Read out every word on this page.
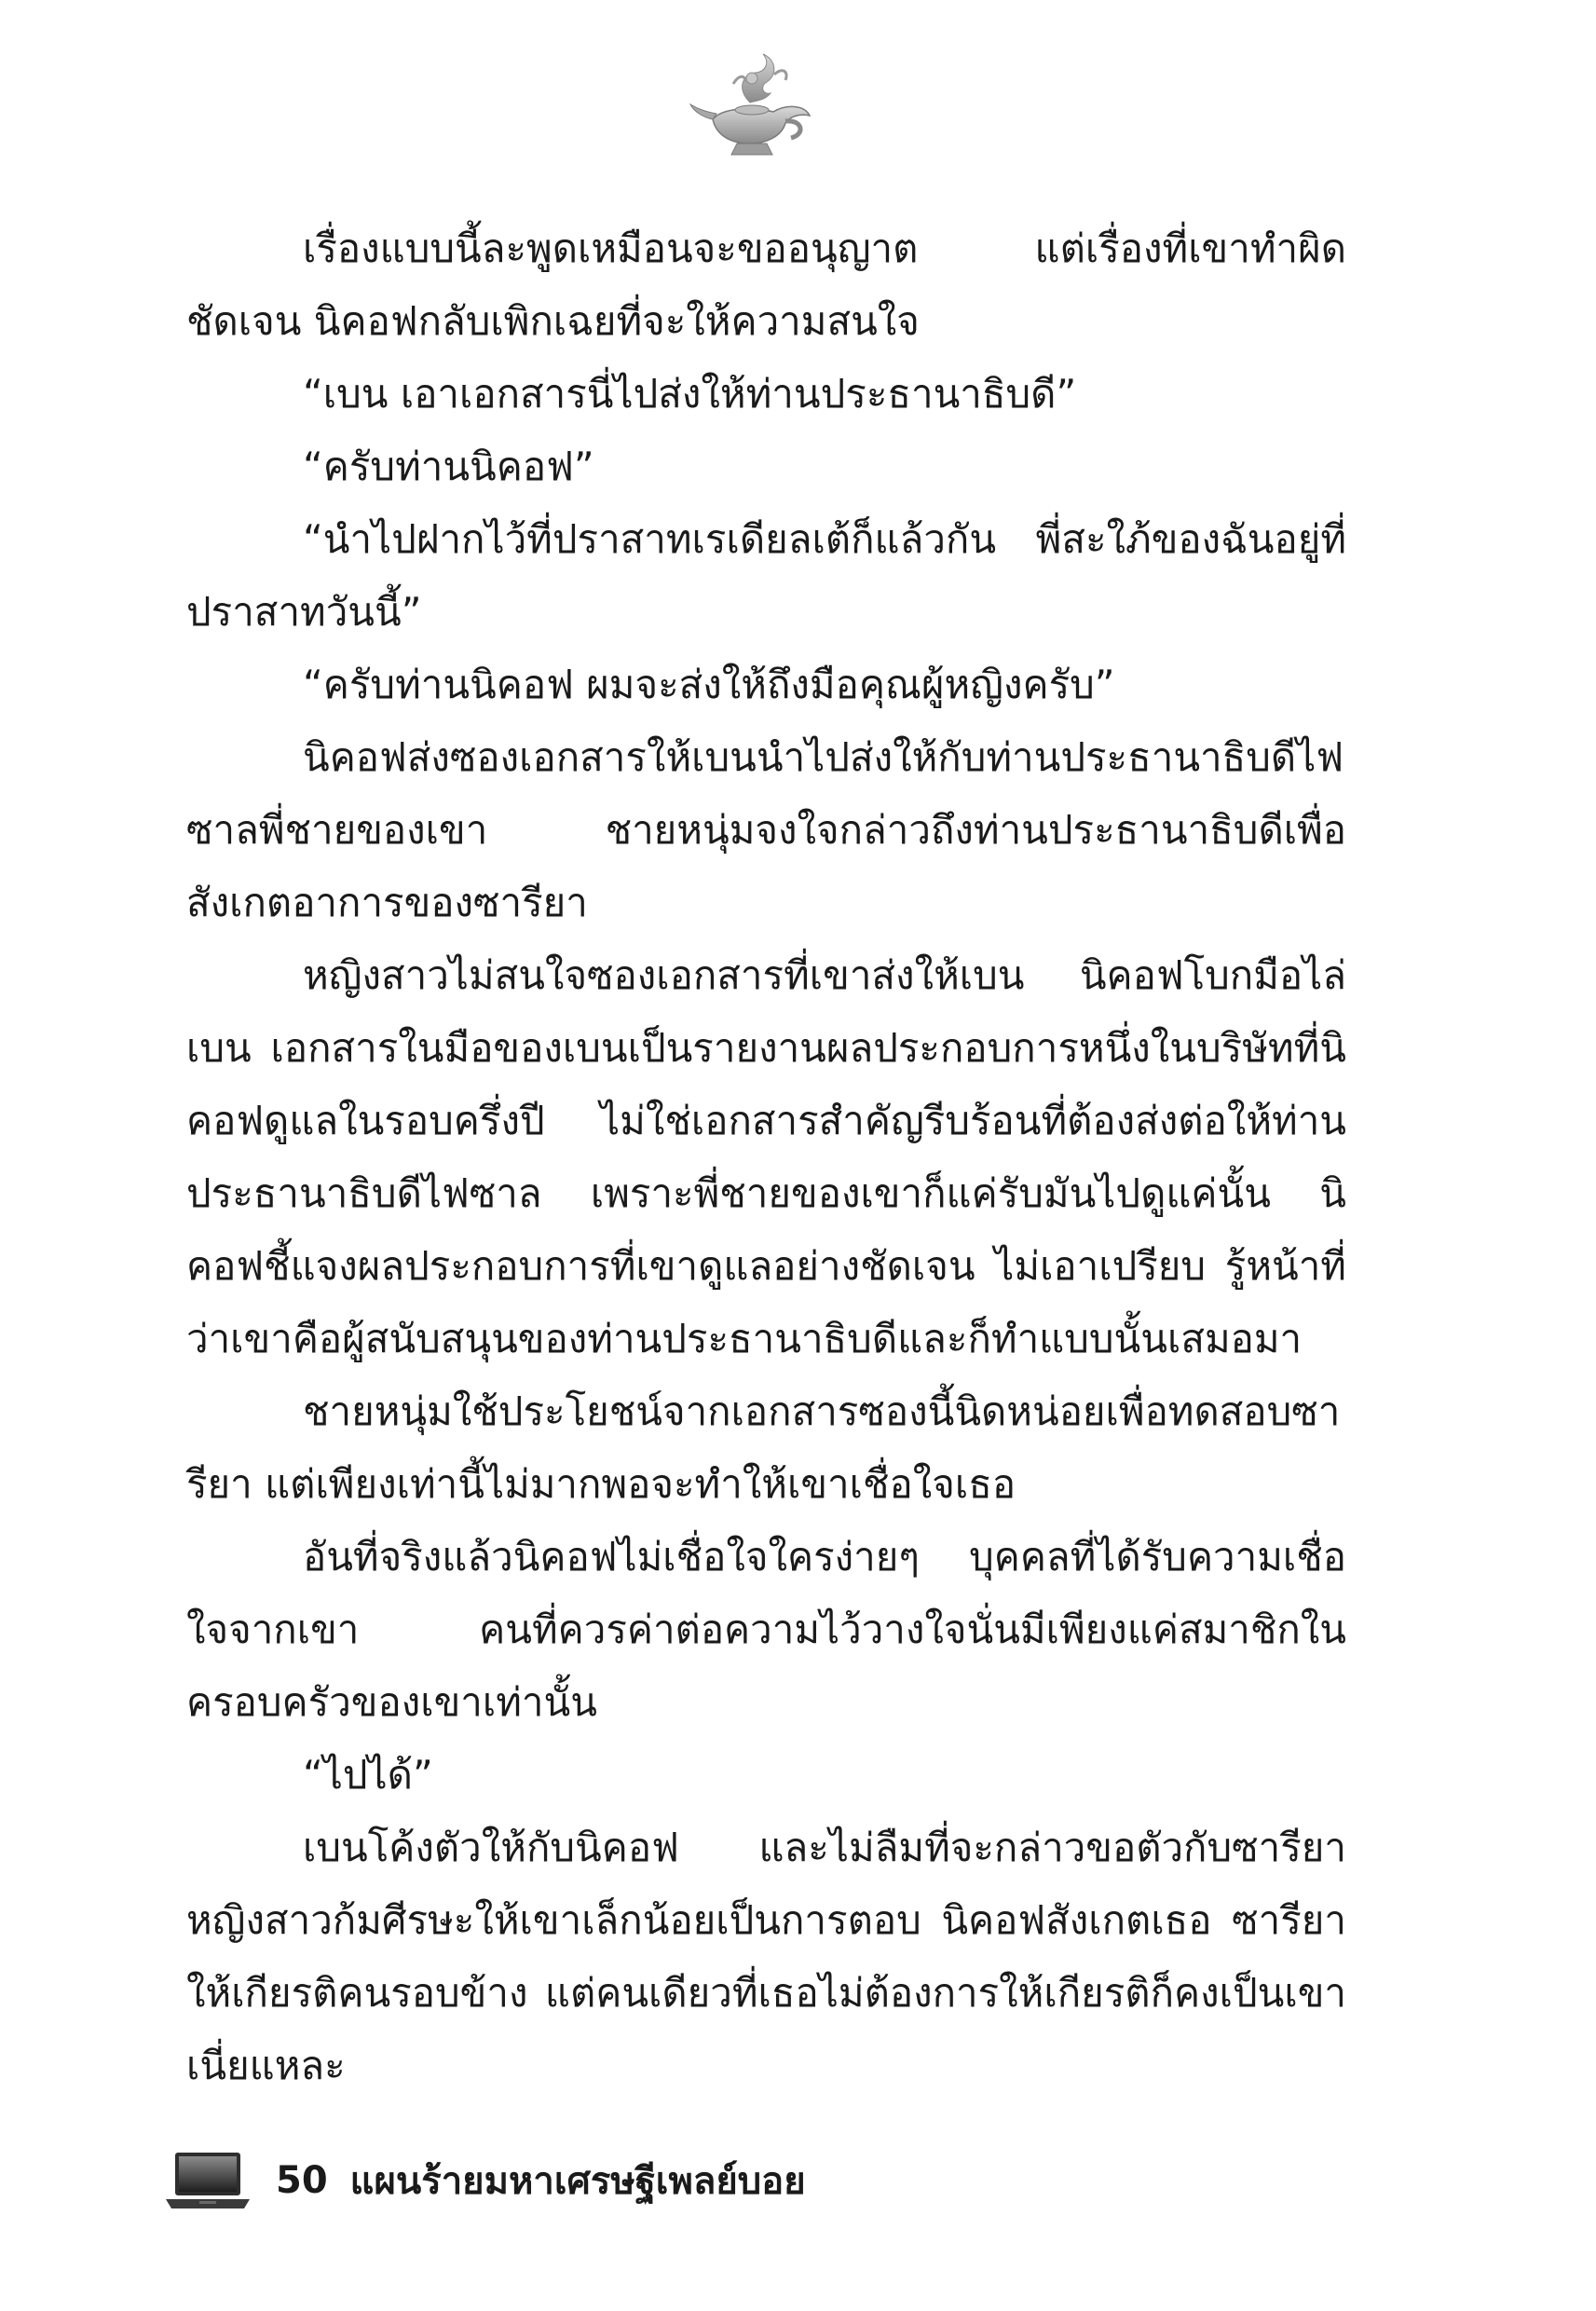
เรื่องแบบนี้ละพูดเหมือนจะขออนุญาต แต่เรื่องที่เขาทำผิดชัดเจน นิคอฟกลับเพิกเฉยที่จะให้ความสนใจ

“เบน เอาเอกสารนี่ไปส่งให้ท่านประธานาธิบดี”

“ครับท่านนิคอฟ”

“นำไปฝากไว้ที่ปราสาทเรเดียลเต้ก็แล้วกัน พี่สะใภ้ของฉันอยู่ที่ปราสาทวันนี้”

“ครับท่านนิคอฟ ผมจะส่งให้ถึงมือคุณผู้หญิงครับ”

นิคอฟส่งซองเอกสารให้เบนนำไปส่งให้กับท่านประธานาธิบดีไฟซาลพี่ชายของเขา ชายหนุ่มจงใจกล่าวถึงท่านประธานาธิบดีเพื่อสังเกตอาการของซารียา

หญิงสาวไม่สนใจซองเอกสารที่เขาส่งให้เบน นิคอฟโบกมือไล่เบน เอกสารในมือของเบนเป็นรายงานผลประกอบการหนึ่งในบริษัทที่นิคอฟดูแลในรอบครึ่งปี ไม่ใช่เอกสารสำคัญรีบร้อนที่ต้องส่งต่อให้ท่านประธานาธิบดีไฟซาล เพราะพี่ชายของเขาก็แค่รับมันไปดูแค่นั้น นิคอฟชี้แจงผลประกอบการที่เขาดูแลอย่างชัดเจน ไม่เอาเปรียบ รู้หน้าที่ว่าเขาคือผู้สนับสนุนของท่านประธานาธิบดีและก็ทำแบบนั้นเสมอมา

ชายหนุ่มใช้ประโยชน์จากเอกสารซองนี้นิดหน่อยเพื่อทดสอบซารียา แต่เพียงเท่านี้ไม่มากพอจะทำให้เขาเชื่อใจเธอ

อันที่จริงแล้วนิคอฟไม่เชื่อใจใครง่ายๆ บุคคลที่ได้รับความเชื่อใจจากเขา คนที่ควรค่าต่อความไว้วางใจนั่นมีเพียงแค่สมาชิกในครอบครัวของเขาเท่านั้น

“ไปได้”

เบนโค้งตัวให้กับนิคอฟ และไม่ลืมที่จะกล่าวขอตัวกับซารียา หญิงสาวก้มศีรษะให้เขาเล็กน้อยเป็นการตอบ นิคอฟสังเกตเธอ ซารียาให้เกียรติคนรอบข้าง แต่คนเดียวที่เธอไม่ต้องการให้เกียรติก็คงเป็นเขาเนี่ยแหละ

50 แผนร้ายมหาเศรษฐีเพลย์บอย
